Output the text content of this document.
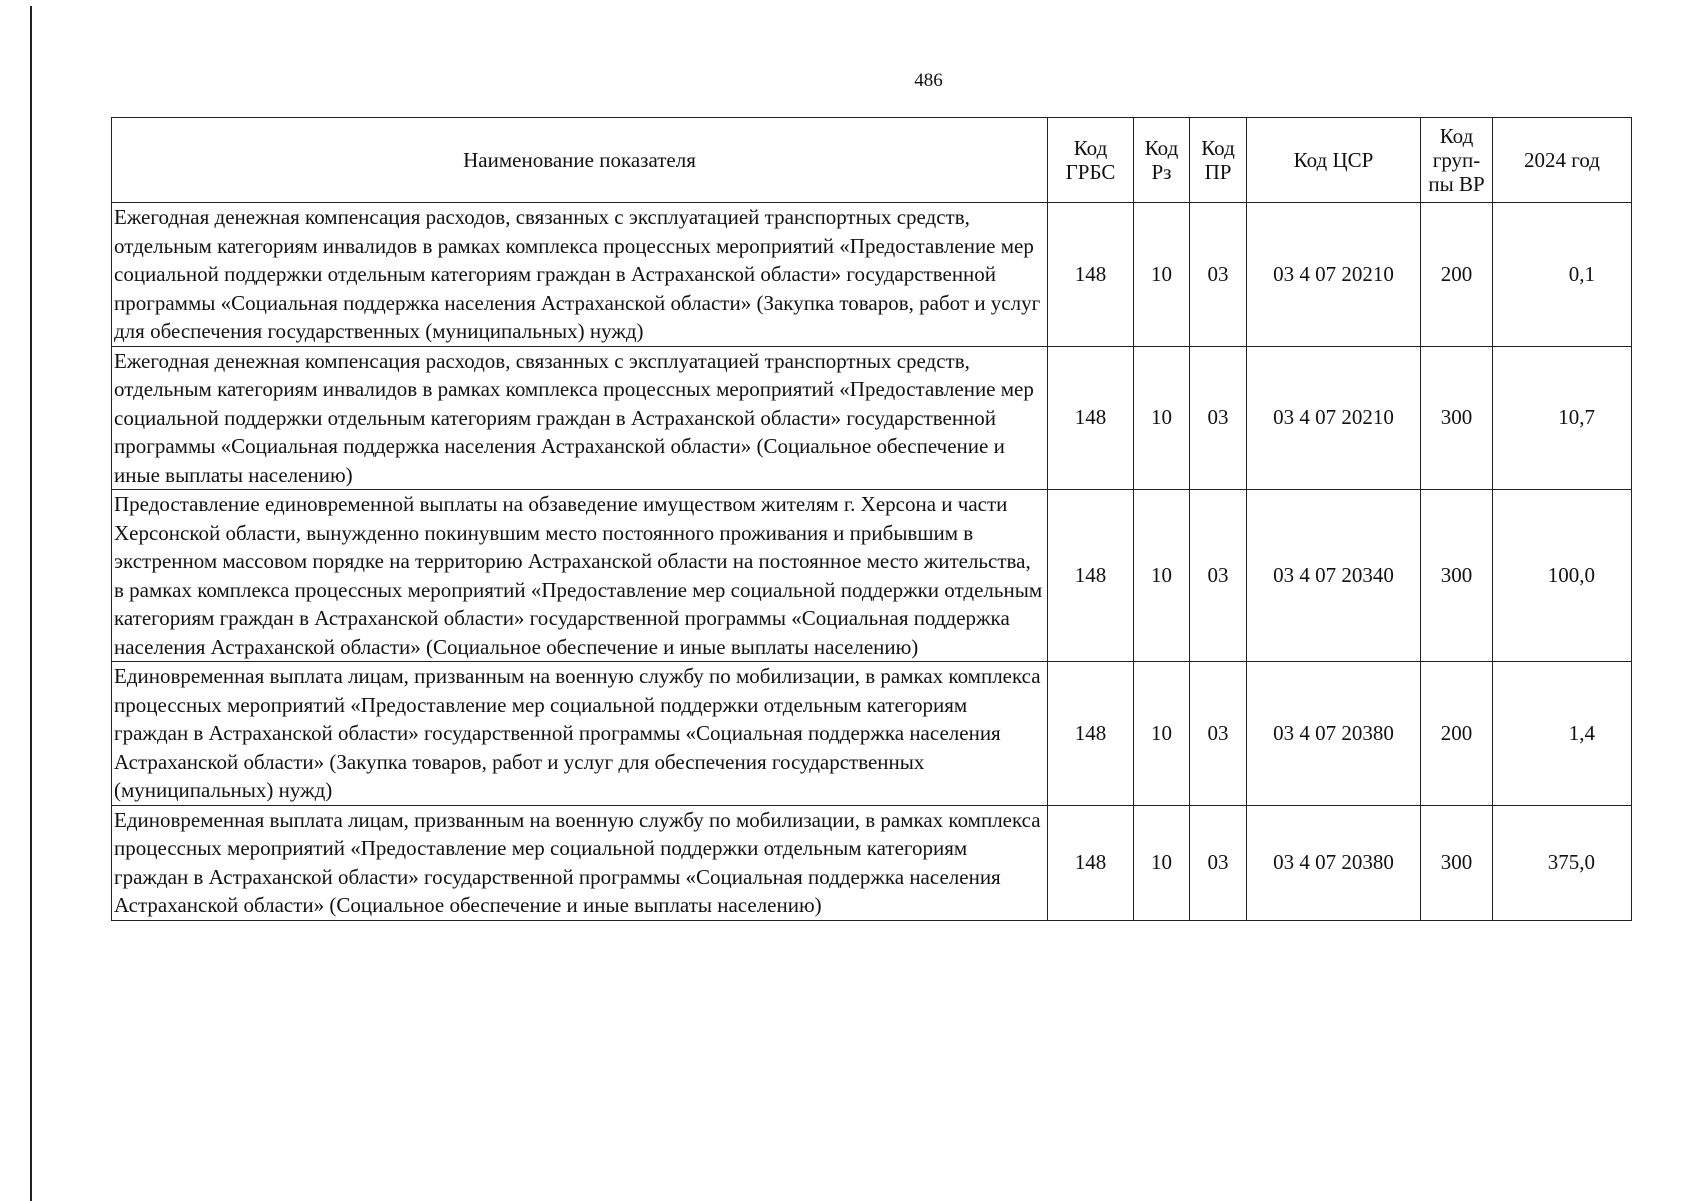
486
Наименование показателя	Код ГРБС	Код Рз	Код ПР	Код ЦСР	Код груп-пы ВР	2024 год
Ежегодная денежная компенсация расходов, связанных с эксплуатацией транспортных средств, отдельным категориям инвалидов в рамках комплекса процессных мероприятий «Предоставление мер социальной поддержки отдельным категориям граждан в Астраханской области» государственной программы «Социальная поддержка населения Астраханской области» (Закупка товаров, работ и услуг для обеспечения государственных (муниципальных) нужд)	148	10	03	03 4 07 20210	200	0,1
Ежегодная денежная компенсация расходов, связанных с эксплуатацией транспортных средств, отдельным категориям инвалидов в рамках комплекса процессных мероприятий «Предоставление мер социальной поддержки отдельным категориям граждан в Астраханской области» государственной программы «Социальная поддержка населения Астраханской области» (Социальное обеспечение и иные выплаты населению)	148	10	03	03 4 07 20210	300	10,7
Предоставление единовременной выплаты на обзаведение имуществом жителям г. Херсона и части Херсонской области, вынужденно покинувшим место постоянного проживания и прибывшим в экстренном массовом порядке на территорию Астраханской области на постоянное место жительства, в рамках комплекса процессных мероприятий «Предоставление мер социальной поддержки отдельным категориям граждан в Астраханской области» государственной программы «Социальная поддержка населения Астраханской области» (Социальное обеспечение и иные выплаты населению)	148	10	03	03 4 07 20340	300	100,0
Единовременная выплата лицам, призванным на военную службу по мобилизации, в рамках комплекса процессных мероприятий «Предоставление мер социальной поддержки отдельным категориям граждан в Астраханской области» государственной программы «Социальная поддержка населения Астраханской области» (Закупка товаров, работ и услуг для обеспечения государственных (муниципальных) нужд)	148	10	03	03 4 07 20380	200	1,4
Единовременная выплата лицам, призванным на военную службу по мобилизации, в рамках комплекса процессных мероприятий «Предоставление мер социальной поддержки отдельным категориям граждан в Астраханской области» государственной программы «Социальная поддержка населения Астраханской области» (Социальное обеспечение и иные выплаты населению)	148	10	03	03 4 07 20380	300	375,0
